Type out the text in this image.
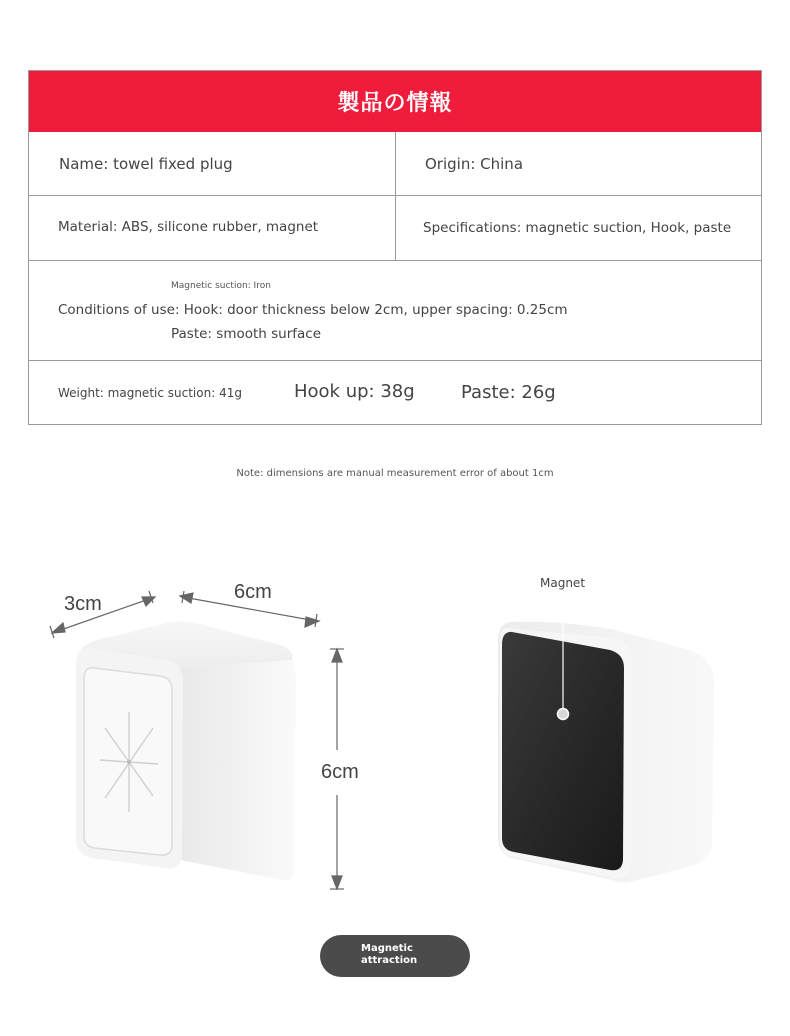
製品の情報
Name: towel fixed plug	Origin: China
Material: ABS, silicone rubber, magnet	Specifications: magnetic suction, Hook, paste
Magnetic suction: Iron
Conditions of use: Hook: door thickness below 2cm, upper spacing: 0.25cm
Paste: smooth surface
Weight: magnetic suction: 41g	Hook up: 38g	Paste: 26g
Note: dimensions are manual measurement error of about 1cm
3cm
6cm
6cm
Magnet
Magnetic
attraction
